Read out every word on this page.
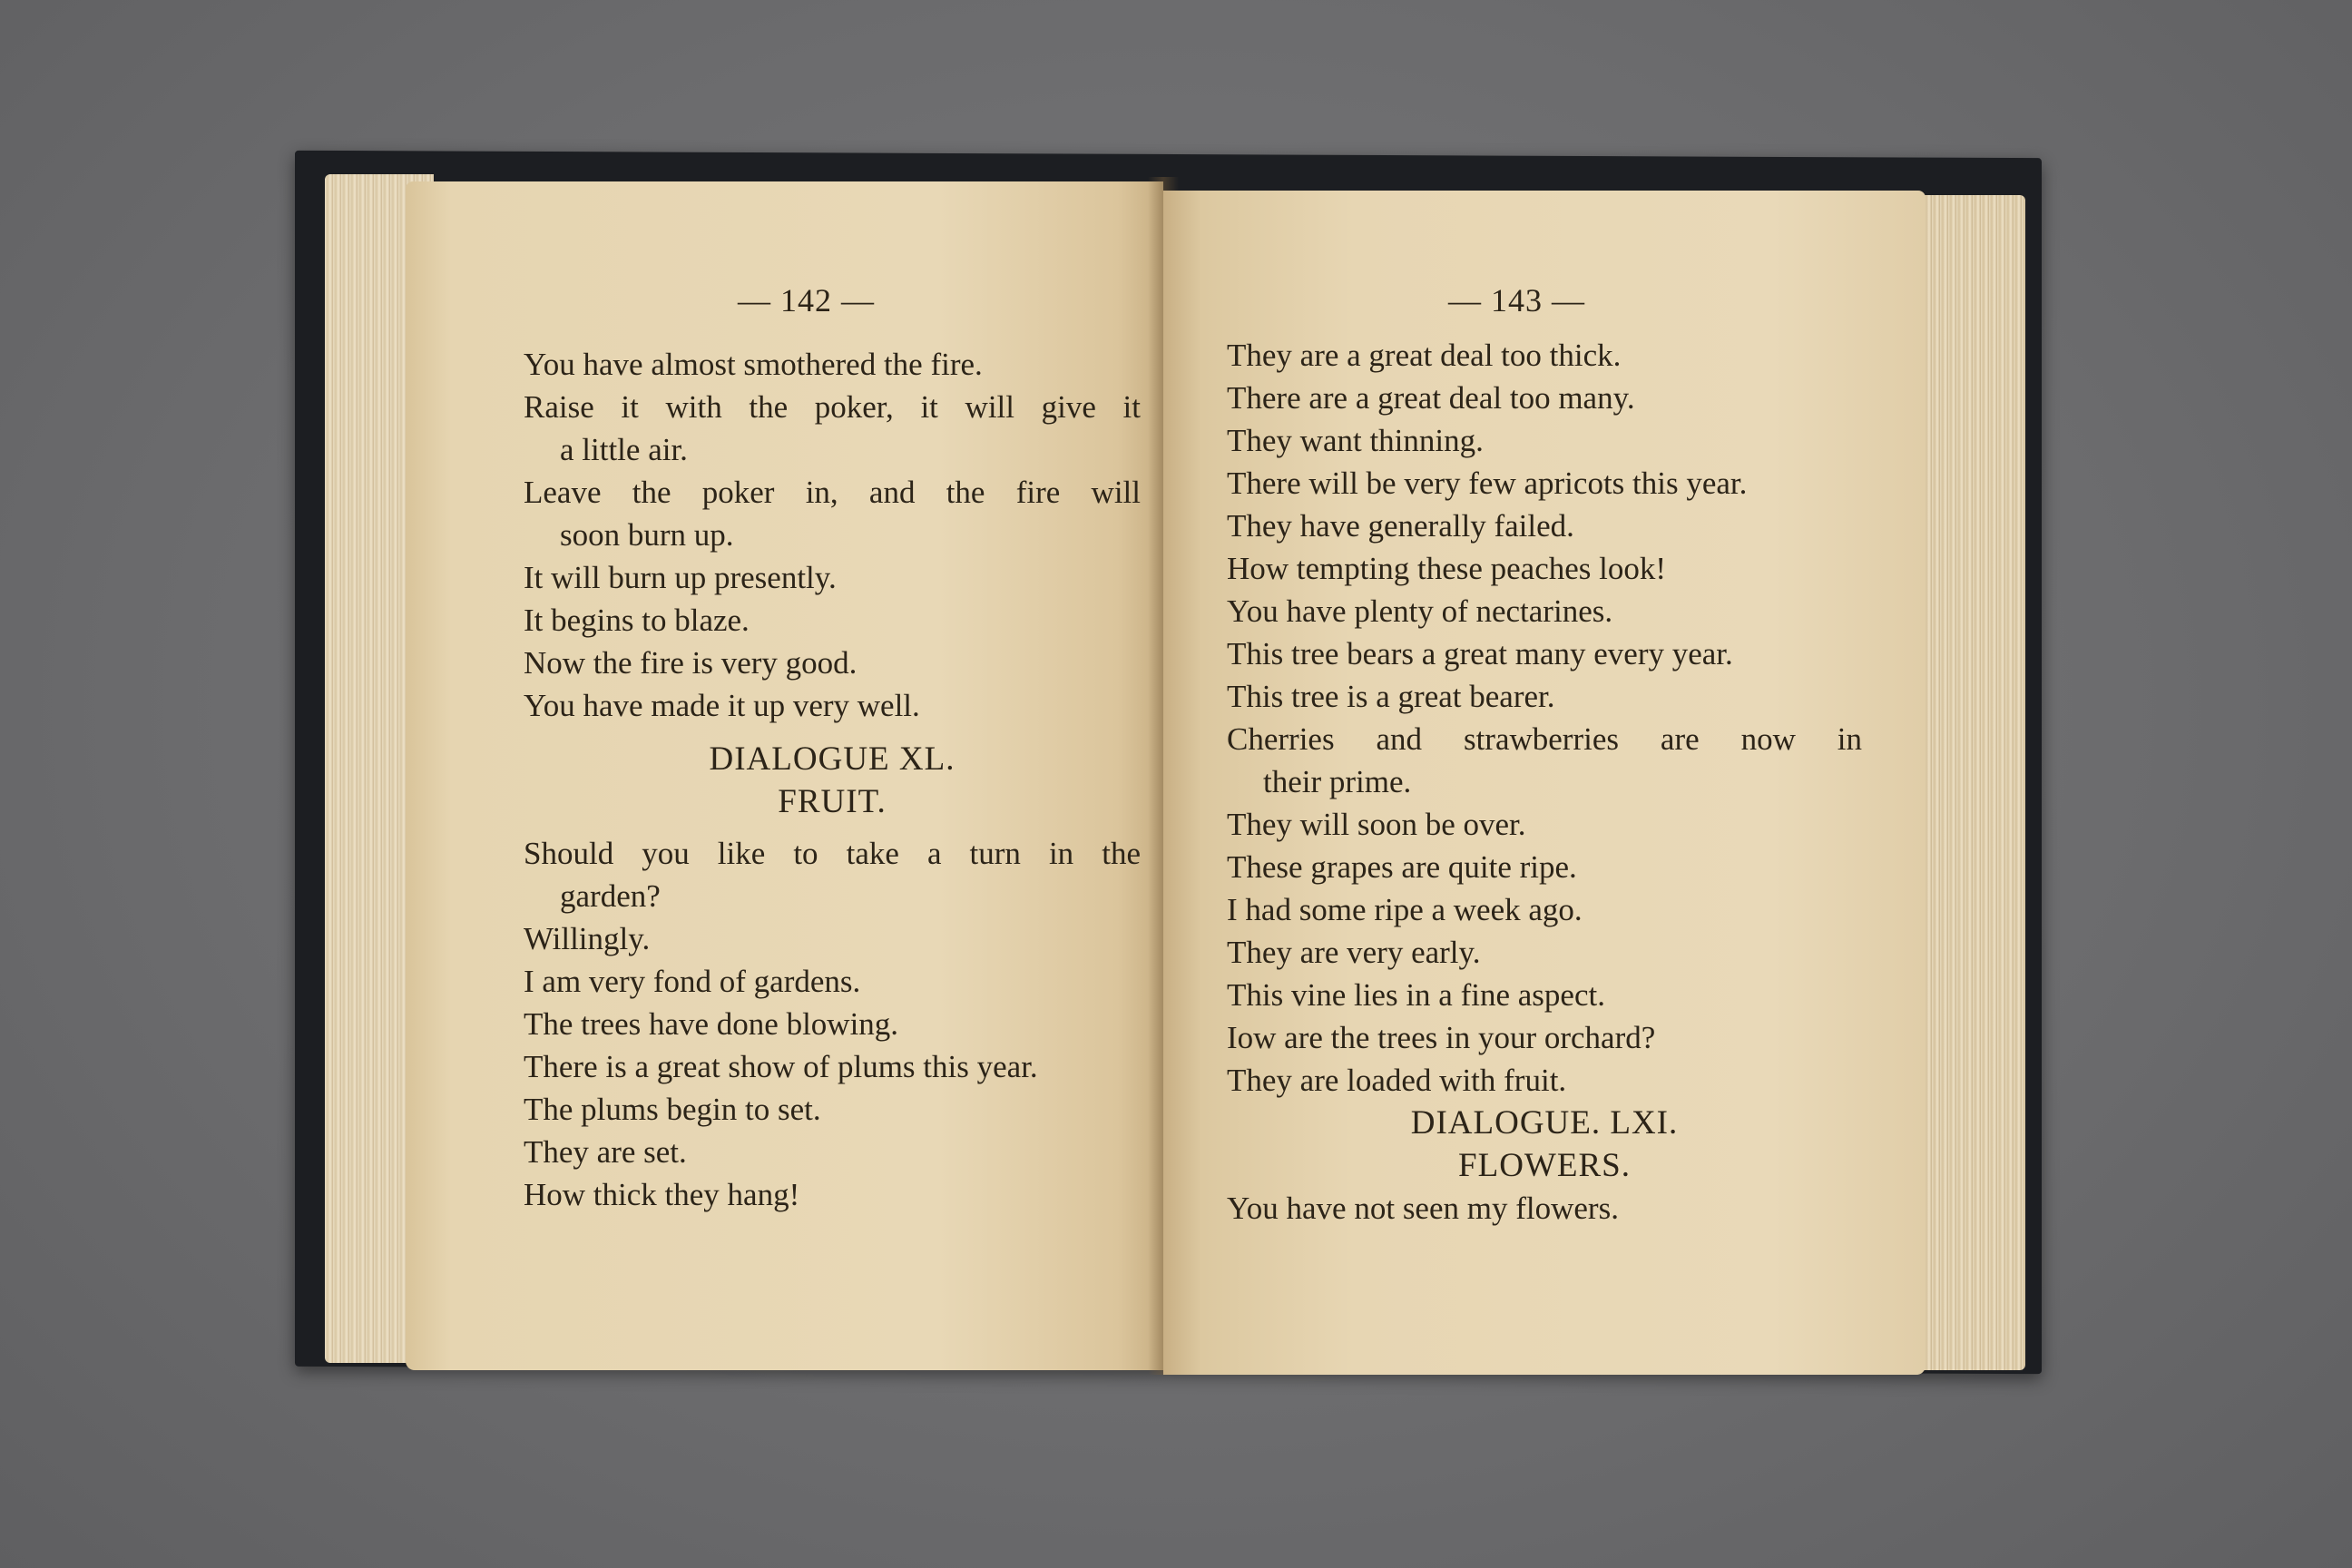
— 142 —
You have almost smothered the fire.
Raise it with the poker, it will give it
a little air.
Leave the poker in, and the fire will
soon burn up.
It will burn up presently.
It begins to blaze.
Now the fire is very good.
You have made it up very well.
DIALOGUE XL.
FRUIT.
Should you like to take a turn in the
garden?
Willingly.
I am very fond of gardens.
The trees have done blowing.
There is a great show of plums this year.
The plums begin to set.
They are set.
How thick they hang!
— 143 —
They are a great deal too thick.
There are a great deal too many.
They want thinning.
There will be very few apricots this year.
They have generally failed.
How tempting these peaches look!
You have plenty of nectarines.
This tree bears a great many every year.
This tree is a great bearer.
Cherries and strawberries are now in
their prime.
They will soon be over.
These grapes are quite ripe.
I had some ripe a week ago.
They are very early.
This vine lies in a fine aspect.
Iow are the trees in your orchard?
They are loaded with fruit.
DIALOGUE. LXI.
FLOWERS.
You have not seen my flowers.
